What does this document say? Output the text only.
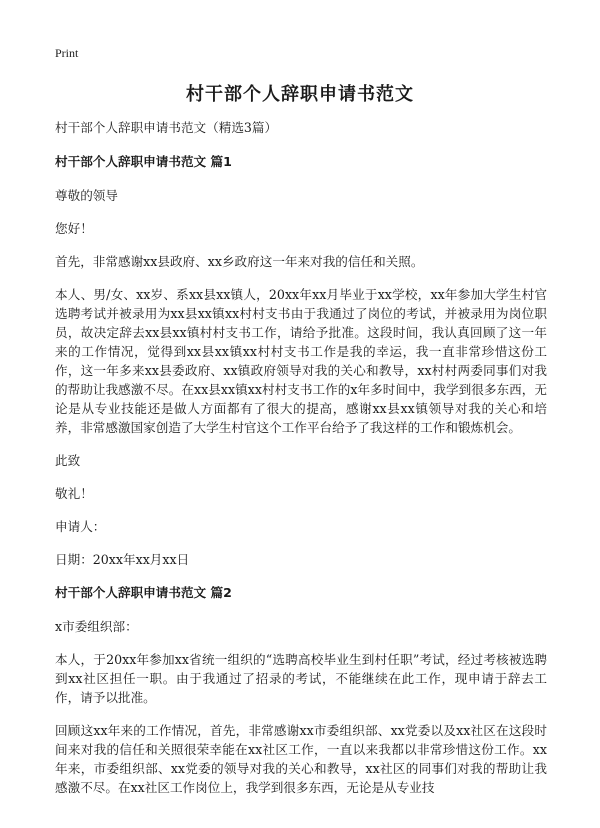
Print
村干部个人辞职申请书范文

村干部个人辞职申请书范文（精选3篇）

村干部个人辞职申请书范文 篇1

尊敬的领导

您好！

首先，非常感谢xx县政府、xx乡政府这一年来对我的信任和关照。

本人、男/女、xx岁、系xx县xx镇人，20xx年xx月毕业于xx学校，xx年参加大学生村官选聘考试并被录用为xx县xx镇xx村村支书由于我通过了岗位的考试，并被录用为岗位职员，故决定辞去xx县xx镇村村支书工作，请给予批准。这段时间，我认真回顾了这一年来的工作情况，觉得到xx县xx镇xx村村支书工作是我的幸运，我一直非常珍惜这份工作，这一年多来xx县委政府、xx镇政府领导对我的关心和教导，xx村村两委同事们对我的帮助让我感激不尽。在xx县xx镇xx村村支书工作的x年多时间中，我学到很多东西，无论是从专业技能还是做人方面都有了很大的提高，感谢xx县xx镇领导对我的关心和培养，非常感激国家创造了大学生村官这个工作平台给予了我这样的工作和锻炼机会。

此致

敬礼！

申请人：

日期：20xx年xx月xx日

村干部个人辞职申请书范文 篇2

x市委组织部：

本人，于20xx年参加xx省统一组织的“选聘高校毕业生到村任职”考试，经过考核被选聘到xx社区担任一职。由于我通过了招录的考试，不能继续在此工作，现申请于辞去工作，请予以批准。

回顾这xx年来的工作情况，首先，非常感谢xx市委组织部、xx党委以及xx社区在这段时间来对我的信任和关照很荣幸能在xx社区工作，一直以来我都以非常珍惜这份工作。xx年来，市委组织部、xx党委的领导对我的关心和教导，xx社区的同事们对我的帮助让我感激不尽。在xx社区工作岗位上，我学到很多东西，无论是从专业技
